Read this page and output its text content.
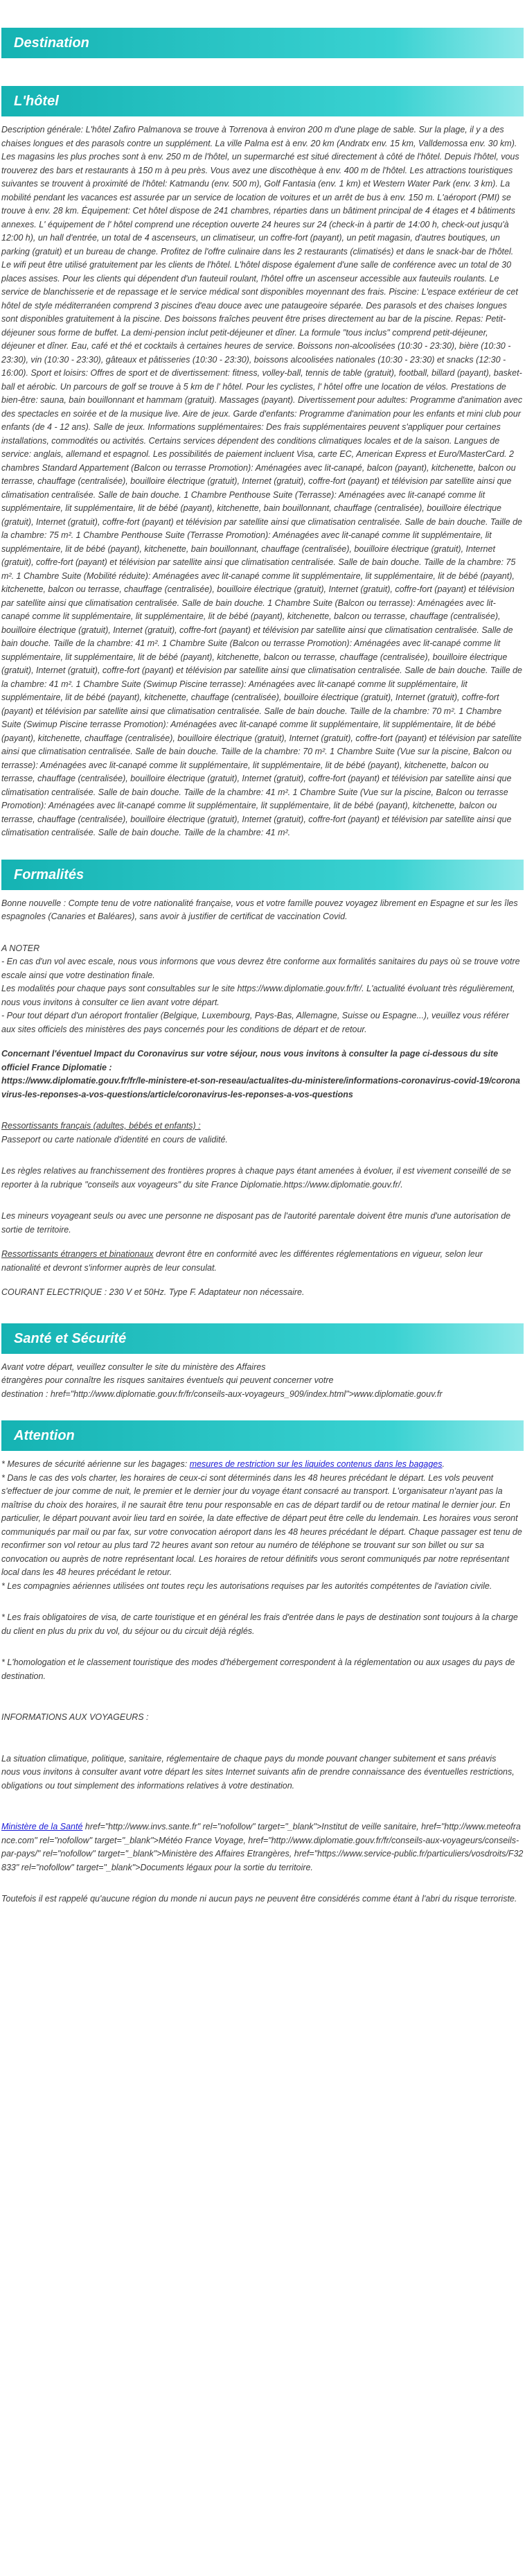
Destination
L'hôtel

Description générale: L'hôtel Zafiro Palmanova se trouve à Torrenova à environ 200 m d'une plage de sable. Sur la plage, il y a des chaises longues et des parasols contre un supplément. La ville Palma est à env. 20 km (Andratx env. 15 km, Valldemossa env. 30 km). Les magasins les plus proches sont à env. 250 m de l'hôtel, un supermarché est situé directement à côté de l'hôtel. Depuis l'hôtel, vous trouverez des bars et restaurants à 150 m à peu près. Vous avez une discothèque à env. 400 m de l'hôtel. Les attractions touristiques suivantes se trouvent à proximité de l'hôtel: Katmandu (env. 500 m), Golf Fantasia (env. 1 km) et Western Water Park (env. 3 km). La mobilité pendant les vacances est assurée par un service de location de voitures et un arrêt de bus à env. 150 m. L'aéroport (PMI) se trouve à env. 28 km. Équipement: Cet hôtel dispose de 241 chambres, réparties dans un bâtiment principal de 4 étages et 4 bâtiments annexes. L' équipement de l' hôtel comprend une réception ouverte 24 heures sur 24 (check-in à partir de 14:00 h, check-out jusqu'à 12:00 h), un hall d'entrée, un total de 4 ascenseurs, un climatiseur, un coffre-fort (payant), un petit magasin, d'autres boutiques, un parking (gratuit) et un bureau de change. Profitez de l'offre culinaire dans les 2 restaurants (climatisés) et dans le snack-bar de l'hôtel. Le wifi peut être utilisé gratuitement par les clients de l'hôtel. L'hôtel dispose également d'une salle de conférence avec un total de 30 places assises. Pour les clients qui dépendent d'un fauteuil roulant, l'hôtel offre un ascenseur accessible aux fauteuils roulants. Le service de blanchisserie et de repassage et le service médical sont disponibles moyennant des frais. Piscine: L'espace extérieur de cet hôtel de style méditerranéen comprend 3 piscines d'eau douce avec une pataugeoire séparée. Des parasols et des chaises longues sont disponibles gratuitement à la piscine. Des boissons fraîches peuvent être prises directement au bar de la piscine. Repas: Petit-déjeuner sous forme de buffet. La demi-pension inclut petit-déjeuner et dîner. La formule "tous inclus" comprend petit-déjeuner, déjeuner et dîner. Eau, café et thé et cocktails à certaines heures de service. Boissons non-alcoolisées (10:30 - 23:30), bière (10:30 - 23:30), vin (10:30 - 23:30), gâteaux et pâtisseries (10:30 - 23:30), boissons alcoolisées nationales (10:30 - 23:30) et snacks (12:30 - 16:00). Sport et loisirs: Offres de sport et de divertissement: fitness, volley-ball, tennis de table (gratuit), football, billard (payant), basket-ball et aérobic. Un parcours de golf se trouve à 5 km de l' hôtel. Pour les cyclistes, l' hôtel offre une location de vélos. Prestations de bien-être: sauna, bain bouillonnant et hammam (gratuit). Massages (payant). Divertissement pour adultes: Programme d'animation avec des spectacles en soirée et de la musique live. Aire de jeux. Garde d'enfants: Programme d'animation pour les enfants et mini club pour enfants (de 4 - 12 ans). Salle de jeux. Informations supplémentaires: Des frais supplémentaires peuvent s'appliquer pour certaines installations, commodités ou activités. Certains services dépendent des conditions climatiques locales et de la saison. Langues de service: anglais, allemand et espagnol. Les possibilités de paiement incluent Visa, carte EC, American Express et Euro/MasterCard. 2 chambres Standard Appartement (Balcon ou terrasse Promotion): Aménagées avec lit-canapé, balcon (payant), kitchenette, balcon ou terrasse, chauffage (centralisée), bouilloire électrique (gratuit), Internet (gratuit), coffre-fort (payant) et télévision par satellite ainsi que climatisation centralisée. Salle de bain douche. 1 Chambre Penthouse Suite (Terrasse): Aménagées avec lit-canapé comme lit supplémentaire, lit supplémentaire, lit de bébé (payant), kitchenette, bain bouillonnant, chauffage (centralisée), bouilloire électrique (gratuit), Internet (gratuit), coffre-fort (payant) et télévision par satellite ainsi que climatisation centralisée. Salle de bain douche. Taille de la chambre: 75 m². 1 Chambre Penthouse Suite (Terrasse Promotion): Aménagées avec lit-canapé comme lit supplémentaire, lit supplémentaire, lit de bébé (payant), kitchenette, bain bouillonnant, chauffage (centralisée), bouilloire électrique (gratuit), Internet (gratuit), coffre-fort (payant) et télévision par satellite ainsi que climatisation centralisée. Salle de bain douche. Taille de la chambre: 75 m². 1 Chambre Suite (Mobilité réduite): Aménagées avec lit-canapé comme lit supplémentaire, lit supplémentaire, lit de bébé (payant), kitchenette, balcon ou terrasse, chauffage (centralisée), bouilloire électrique (gratuit), Internet (gratuit), coffre-fort (payant) et télévision par satellite ainsi que climatisation centralisée. Salle de bain douche. 1 Chambre Suite (Balcon ou terrasse): Aménagées avec lit-canapé comme lit supplémentaire, lit supplémentaire, lit de bébé (payant), kitchenette, balcon ou terrasse, chauffage (centralisée), bouilloire électrique (gratuit), Internet (gratuit), coffre-fort (payant) et télévision par satellite ainsi que climatisation centralisée. Salle de bain douche. Taille de la chambre: 41 m². 1 Chambre Suite (Balcon ou terrasse Promotion): Aménagées avec lit-canapé comme lit supplémentaire, lit supplémentaire, lit de bébé (payant), kitchenette, balcon ou terrasse, chauffage (centralisée), bouilloire électrique (gratuit), Internet (gratuit), coffre-fort (payant) et télévision par satellite ainsi que climatisation centralisée. Salle de bain douche. Taille de la chambre: 41 m². 1 Chambre Suite (Swimup Piscine terrasse): Aménagées avec lit-canapé comme lit supplémentaire, lit supplémentaire, lit de bébé (payant), kitchenette, chauffage (centralisée), bouilloire électrique (gratuit), Internet (gratuit), coffre-fort (payant) et télévision par satellite ainsi que climatisation centralisée. Salle de bain douche. Taille de la chambre: 70 m². 1 Chambre Suite (Swimup Piscine terrasse Promotion): Aménagées avec lit-canapé comme lit supplémentaire, lit supplémentaire, lit de bébé (payant), kitchenette, chauffage (centralisée), bouilloire électrique (gratuit), Internet (gratuit), coffre-fort (payant) et télévision par satellite ainsi que climatisation centralisée. Salle de bain douche. Taille de la chambre: 70 m². 1 Chambre Suite (Vue sur la piscine, Balcon ou terrasse): Aménagées avec lit-canapé comme lit supplémentaire, lit supplémentaire, lit de bébé (payant), kitchenette, balcon ou terrasse, chauffage (centralisée), bouilloire électrique (gratuit), Internet (gratuit), coffre-fort (payant) et télévision par satellite ainsi que climatisation centralisée. Salle de bain douche. Taille de la chambre: 41 m². 1 Chambre Suite (Vue sur la piscine, Balcon ou terrasse Promotion): Aménagées avec lit-canapé comme lit supplémentaire, lit supplémentaire, lit de bébé (payant), kitchenette, balcon ou terrasse, chauffage (centralisée), bouilloire électrique (gratuit), Internet (gratuit), coffre-fort (payant) et télévision par satellite ainsi que climatisation centralisée. Salle de bain douche. Taille de la chambre: 41 m².

Formalités

Bonne nouvelle : Compte tenu de votre nationalité française, vous et votre famille pouvez voyagez librement en Espagne et sur les îles espagnoles (Canaries et Baléares), sans avoir à justifier de certificat de vaccination Covid.

A NOTER

- En cas d'un vol avec escale, nous vous informons que vous devrez être conforme aux formalités sanitaires du pays où se trouve votre escale ainsi que votre destination finale.

Les modalités pour chaque pays sont consultables sur le site https://www.diplomatie.gouv.fr/fr/. L'actualité évoluant très régulièrement, nous vous invitons à consulter ce lien avant votre départ.

- Pour tout départ d'un aéroport frontalier (Belgique, Luxembourg, Pays-Bas, Allemagne, Suisse ou Espagne...), veuillez vous référer aux sites officiels des ministères des pays concernés pour les conditions de départ et de retour.

Concernant l'éventuel Impact du Coronavirus sur votre séjour, nous vous invitons à consulter la page ci-dessous du site officiel France Diplomatie :

https://www.diplomatie.gouv.fr/fr/le-ministere-et-son-reseau/actualites-du-ministere/informations-coronavirus-covid-19/coronavirus-les-reponses-a-vos-questions/article/coronavirus-les-reponses-a-vos-questions

Ressortissants français (adultes, bébés et enfants) :

Passeport ou carte nationale d'identité en cours de validité.

Les règles relatives au franchissement des frontières propres à chaque pays étant amenées à évoluer, il est vivement conseillé de se reporter à la rubrique "conseils aux voyageurs" du site France Diplomatie.https://www.diplomatie.gouv.fr/.

Les mineurs voyageant seuls ou avec une personne ne disposant pas de l'autorité parentale doivent être munis d'une autorisation de sortie de territoire.

Ressortissants étrangers et binationaux devront être en conformité avec les différentes réglementations en vigueur, selon leur nationalité et devront s'informer auprès de leur consulat.

COURANT ELECTRIQUE : 230 V et 50Hz. Type F. Adaptateur non nécessaire.

Santé et Sécurité

Avant votre départ, veuillez consulter le site du ministère des Affaires

étrangères pour connaître les risques sanitaires éventuels qui peuvent concerner votre

destination : href="http://www.diplomatie.gouv.fr/fr/conseils-aux-voyageurs_909/index.html">www.diplomatie.gouv.fr

Attention

* Mesures de sécurité aérienne sur les bagages: mesures de restriction sur les liquides contenus dans les bagages.

* Dans le cas des vols charter, les horaires de ceux-ci sont déterminés dans les 48 heures précédant le départ. Les vols peuvent s'effectuer de jour comme de nuit, le premier et le dernier jour du voyage étant consacré au transport. L'organisateur n'ayant pas la maîtrise du choix des horaires, il ne saurait être tenu pour responsable en cas de départ tardif ou de retour matinal le dernier jour. En particulier, le départ pouvant avoir lieu tard en soirée, la date effective de départ peut être celle du lendemain. Les horaires vous seront communiqués par mail ou par fax, sur votre convocation aéroport dans les 48 heures précédant le départ. Chaque passager est tenu de reconfirmer son vol retour au plus tard 72 heures avant son retour au numéro de téléphone se trouvant sur son billet ou sur sa convocation ou auprès de notre représentant local. Les horaires de retour définitifs vous seront communiqués par notre représentant local dans les 48 heures précédant le retour.

* Les compagnies aériennes utilisées ont toutes reçu les autorisations requises par les autorités compétentes de l'aviation civile.

* Les frais obligatoires de visa, de carte touristique et en général les frais d'entrée dans le pays de destination sont toujours à la charge du client en plus du prix du vol, du séjour ou du circuit déjà réglés.

* L'homologation et le classement touristique des modes d'hébergement correspondent à la réglementation ou aux usages du pays de destination.

INFORMATIONS AUX VOYAGEURS :

La situation climatique, politique, sanitaire, réglementaire de chaque pays du monde pouvant changer subitement et sans préavis

nous vous invitons à consulter avant votre départ les sites Internet suivants afin de prendre connaissance des éventuelles restrictions, obligations ou tout simplement des informations relatives à votre destination.

Ministère de la Santé href="http://www.invs.sante.fr" rel="nofollow" target="_blank">Institut de veille sanitaire, href="http://www.meteofrance.com" rel="nofollow" target="_blank">Météo France Voyage, href="http://www.diplomatie.gouv.fr/fr/conseils-aux-voyageurs/conseils-par-pays/" rel="nofollow" target="_blank">Ministère des Affaires Etrangères, href="https://www.service-public.fr/particuliers/vosdroits/F32833" rel="nofollow" target="_blank">Documents légaux pour la sortie du territoire.

Toutefois il est rappelé qu'aucune région du monde ni aucun pays ne peuvent être considérés comme étant à l'abri du risque terroriste.
